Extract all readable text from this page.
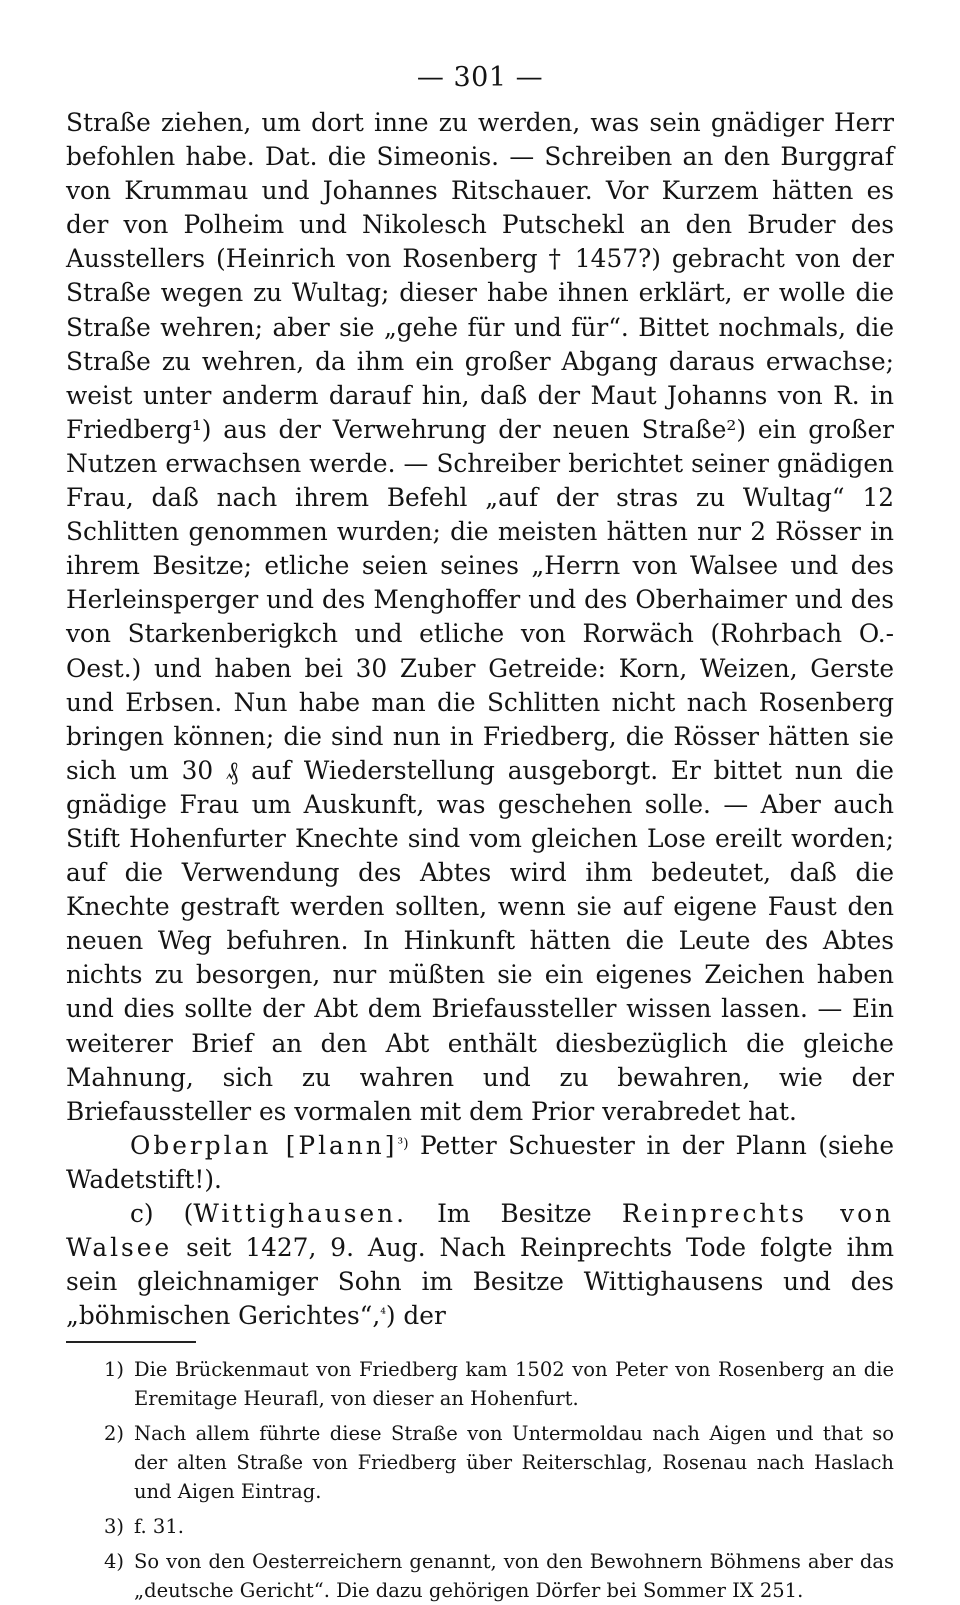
— 301 —

Straße ziehen, um dort inne zu werden, was sein gnädiger Herr befohlen habe. Dat. die Simeonis. — Schreiben an den Burggraf von Krummau und Johannes Ritschauer. Vor Kurzem hätten es der von Polheim und Nikolesch Putschekl an den Bruder des Ausstellers (Heinrich von Rosenberg † 1457?) gebracht von der Straße wegen zu Wultag; dieser habe ihnen erklärt, er wolle die Straße wehren; aber sie „gehe für und für“. Bittet nochmals, die Straße zu wehren, da ihm ein großer Abgang daraus erwachse; weist unter anderm darauf hin, daß der Maut Johanns von R. in Friedberg¹) aus der Verwehrung der neuen Straße²) ein großer Nutzen erwachsen werde. — Schreiber berichtet seiner gnädigen Frau, daß nach ihrem Befehl „auf der stras zu Wultag“ 12 Schlitten genommen wurden; die meisten hätten nur 2 Rösser in ihrem Besitze; etliche seien seines „Herrn von Walsee und des Herleinsperger und des Menghoffer und des Oberhaimer und des von Starkenberigkch und etliche von Rorwäch (Rohrbach O.-Oest.) und haben bei 30 Zuber Getreide: Korn, Weizen, Gerste und Erbsen. Nun habe man die Schlitten nicht nach Rosenberg bringen können; die sind nun in Friedberg, die Rösser hätten sie sich um 30 ₰ auf Wiederstellung ausgeborgt. Er bittet nun die gnädige Frau um Auskunft, was geschehen solle. — Aber auch Stift Hohenfurter Knechte sind vom gleichen Lose ereilt worden; auf die Verwendung des Abtes wird ihm bedeutet, daß die Knechte gestraft werden sollten, wenn sie auf eigene Faust den neuen Weg befuhren. In Hinkunft hätten die Leute des Abtes nichts zu besorgen, nur müßten sie ein eigenes Zeichen haben und dies sollte der Abt dem Briefaussteller wissen lassen. — Ein weiterer Brief an den Abt enthält diesbezüglich die gleiche Mahnung, sich zu wahren und zu bewahren, wie der Briefaussteller es vormalen mit dem Prior verabredet hat.

Oberplan [Plann]$^{^3)}$ Petter Schuester in der Plann (siehe Wadetstift!).

c) (Wittighausen. Im Besitze Reinprechts von Walsee seit 1427, 9. Aug. Nach Reinprechts Tode folgte ihm sein gleichnamiger Sohn im Besitze Wittighausens und des „böhmischen Gerichtes“,$^{^4}$) der

1) Die Brückenmaut von Friedberg kam 1502 von Peter von Rosenberg an die Eremitage Heurafl, von dieser an Hohenfurt.
2) Nach allem führte diese Straße von Untermoldau nach Aigen und that so der alten Straße von Friedberg über Reiterschlag, Rosenau nach Haslach und Aigen Eintrag.
3) f. 31.
4) So von den Oesterreichern genannt, von den Bewohnern Böhmens aber das „deutsche Gericht“. Die dazu gehörigen Dörfer bei Sommer IX 251.
